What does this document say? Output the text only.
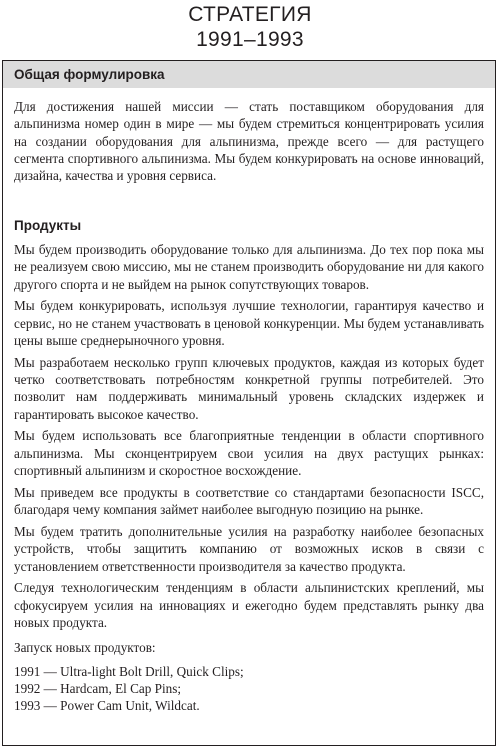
СТРАТЕГИЯ
1991–1993
Общая формулировка

Для достижения нашей миссии — стать поставщиком оборудования для альпинизма номер один в мире — мы будем стремиться концентрировать усилия на создании оборудования для альпинизма, прежде всего — для растущего сегмента спортивного альпинизма. Мы будем конкурировать на основе инноваций, дизайна, качества и уровня сервиса.

Продукты

Мы будем производить оборудование только для альпинизма. До тех пор пока мы не реализуем свою миссию, мы не станем производить оборудование ни для какого другого спорта и не выйдем на рынок сопутствующих товаров.

Мы будем конкурировать, используя лучшие технологии, гарантируя качество и сервис, но не станем участвовать в ценовой конкуренции. Мы будем устанавливать цены выше среднерыночного уровня.

Мы разработаем несколько групп ключевых продуктов, каждая из которых будет четко соответствовать потребностям конкретной группы потребителей. Это позволит нам поддерживать минимальный уровень складских издержек и гарантировать высокое качество.

Мы будем использовать все благоприятные тенденции в области спортивного альпинизма. Мы сконцентрируем свои усилия на двух растущих рынках: спортивный альпинизм и скоростное восхождение.

Мы приведем все продукты в соответствие со стандартами безопасности ISCC, благодаря чему компания займет наиболее выгодную позицию на рынке.

Мы будем тратить дополнительные усилия на разработку наиболее безопасных устройств, чтобы защитить компанию от возможных исков в связи с установлением ответственности производителя за качество продукта.

Следуя технологическим тенденциям в области альпинистских креплений, мы сфокусируем усилия на инновациях и ежегодно будем представлять рынку два новых продукта.

Запуск новых продуктов:

1991 — Ultra-light Bolt Drill, Quick Clips;

1992 — Hardcam, El Cap Pins;

1993 — Power Cam Unit, Wildcat.
